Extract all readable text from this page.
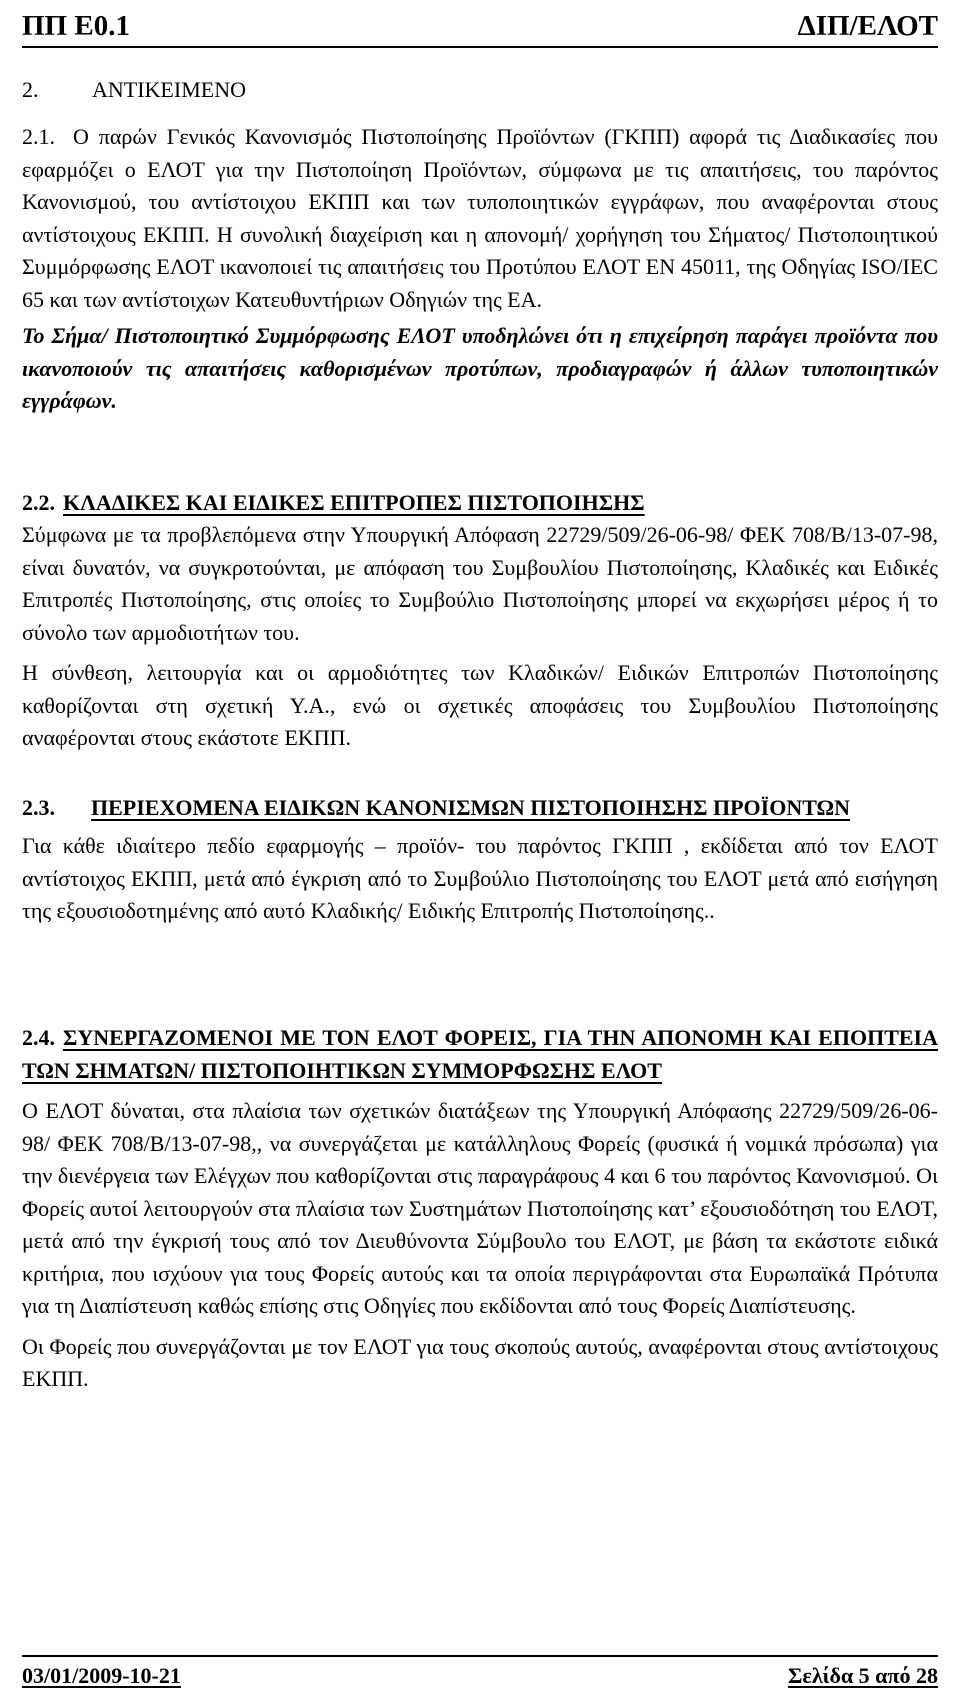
ΠΠ Ε0.1	ΔΙΠ/ΕΛΟΤ
2. ΑΝΤΙΚΕΙΜΕΝΟ

2.1. Ο παρών Γενικός Κανονισμός Πιστοποίησης Προϊόντων (ΓΚΠΠ) αφορά τις Διαδικασίες που εφαρμόζει ο ΕΛΟΤ για την Πιστοποίηση Προϊόντων, σύμφωνα με τις απαιτήσεις, του παρόντος Κανονισμού, του αντίστοιχου ΕΚΠΠ και των τυποποιητικών εγγράφων, που αναφέρονται στους αντίστοιχους ΕΚΠΠ. Η συνολική διαχείριση και η απονομή/ χορήγηση του Σήματος/ Πιστοποιητικού Συμμόρφωσης ΕΛΟΤ ικανοποιεί τις απαιτήσεις του Προτύπου ΕΛΟΤ ΕΝ 45011, της Οδηγίας ISO/IEC 65 και των αντίστοιχων Κατευθυντήριων Οδηγιών της ΕΑ.

Το Σήμα/ Πιστοποιητικό Συμμόρφωσης ΕΛΟΤ υποδηλώνει ότι η επιχείρηση παράγει προϊόντα που ικανοποιούν τις απαιτήσεις καθορισμένων προτύπων, προδιαγραφών ή άλλων τυποποιητικών εγγράφων.

2.2. ΚΛΑΔΙΚΕΣ ΚΑΙ ΕΙΔΙΚΕΣ ΕΠΙΤΡΟΠΕΣ ΠΙΣΤΟΠΟΙΗΣΗΣ

Σύμφωνα με τα προβλεπόμενα στην Υπουργική Απόφαση 22729/509/26-06-98/ ΦΕΚ 708/Β/13-07-98, είναι δυνατόν, να συγκροτούνται, με απόφαση του Συμβουλίου Πιστοποίησης, Κλαδικές και Ειδικές Επιτροπές Πιστοποίησης, στις οποίες το Συμβούλιο Πιστοποίησης μπορεί να εκχωρήσει μέρος ή το σύνολο των αρμοδιοτήτων του.

Η σύνθεση, λειτουργία και οι αρμοδιότητες των Κλαδικών/ Ειδικών Επιτροπών Πιστοποίησης καθορίζονται στη σχετική Υ.Α., ενώ οι σχετικές αποφάσεις του Συμβουλίου Πιστοποίησης αναφέρονται στους εκάστοτε ΕΚΠΠ.

2.3. ΠΕΡΙΕΧΟΜΕΝΑ ΕΙΔΙΚΩΝ ΚΑΝΟΝΙΣΜΩΝ ΠΙΣΤΟΠΟΙΗΣΗΣ ΠΡΟΪΟΝΤΩΝ

Για κάθε ιδιαίτερο πεδίο εφαρμογής – προϊόν- του παρόντος ΓΚΠΠ , εκδίδεται από τον ΕΛΟΤ αντίστοιχος ΕΚΠΠ, μετά από έγκριση από το Συμβούλιο Πιστοποίησης του ΕΛΟΤ μετά από εισήγηση της εξουσιοδοτημένης από αυτό Κλαδικής/ Ειδικής Επιτροπής Πιστοποίησης..

2.4. ΣΥΝΕΡΓΑΖΟΜΕΝΟΙ ΜΕ ΤΟΝ ΕΛΟΤ ΦΟΡΕΙΣ, ΓΙΑ ΤΗΝ ΑΠΟΝΟΜΗ ΚΑΙ ΕΠΟΠΤΕΙΑ ΤΩΝ ΣΗΜΑΤΩΝ/ ΠΙΣΤΟΠΟΙΗΤΙΚΩΝ ΣΥΜΜΟΡΦΩΣΗΣ ΕΛΟΤ

Ο ΕΛΟΤ δύναται, στα πλαίσια των σχετικών διατάξεων της Υπουργική Απόφασης 22729/509/26-06-98/ ΦΕΚ 708/Β/13-07-98,, να συνεργάζεται με κατάλληλους Φορείς (φυσικά ή νομικά πρόσωπα) για την διενέργεια των Ελέγχων που καθορίζονται στις παραγράφους 4 και 6 του παρόντος Κανονισμού. Οι Φορείς αυτοί λειτουργούν στα πλαίσια των Συστημάτων Πιστοποίησης κατ’ εξουσιοδότηση του ΕΛΟΤ, μετά από την έγκρισή τους από τον Διευθύνοντα Σύμβουλο του ΕΛΟΤ, με βάση τα εκάστοτε ειδικά κριτήρια, που ισχύουν για τους Φορείς αυτούς και τα οποία περιγράφονται στα Ευρωπαϊκά Πρότυπα για τη Διαπίστευση καθώς επίσης στις Οδηγίες που εκδίδονται από τους Φορείς Διαπίστευσης.

Οι Φορείς που συνεργάζονται με τον ΕΛΟΤ για τους σκοπούς αυτούς, αναφέρονται στους αντίστοιχους ΕΚΠΠ.

03/01/2009-10-21	Σελίδα 5 από 28
